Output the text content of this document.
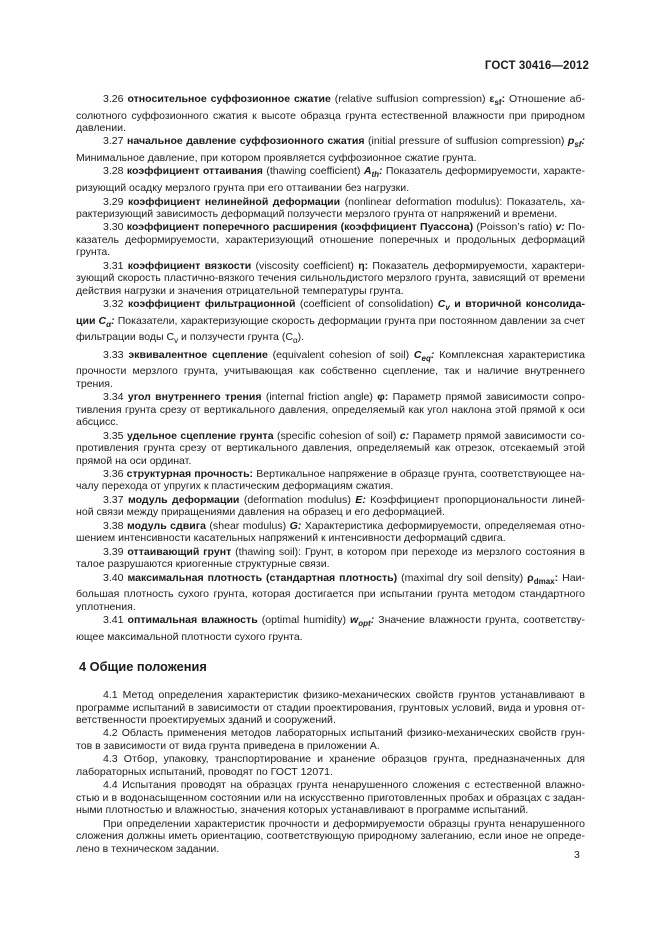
ГОСТ 30416—2012

3.26 относительное суффозионное сжатие (relative suffusion compression) $\varepsilon_{sf}$: Отношение абсолютного суффозионного сжатия к высоте образца грунта естественной влажности при природном давлении.

3.27 начальное давление суффозионного сжатия (initial pressure of suffusion compression) $p_{sf}$: Минимальное давление, при котором проявляется суффозионное сжатие грунта.

3.28 коэффициент оттаивания (thawing coefficient) $A_{th}$: Показатель деформируемости, характеризующий осадку мерзлого грунта при его оттаивании без нагрузки.

3.29 коэффициент нелинейной деформации (nonlinear deformation modulus): Показатель, характеризующий зависимость деформаций ползучести мерзлого грунта от напряжений и времени.

3.30 коэффициент поперечного расширения (коэффициент Пуассона) (Poisson’s ratio) v: Показатель деформируемости, характеризующий отношение поперечных и продольных деформаций грунта.

3.31 коэффициент вязкости (viscosity coefficient) η: Показатель деформируемости, характеризующий скорость пластично-вязкого течения сильнольдистого мерзлого грунта, зависящий от времени действия нагрузки и значения отрицательной температуры грунта.

3.32 коэффициент фильтрационной (coefficient of consolidation) $C_v$ и вторичной консолидации $C_\alpha$: Показатели, характеризующие скорость деформации грунта при постоянном давлении за счет фильтрации воды $C_v$ и ползучести грунта $(C_\alpha)$.

3.33 эквивалентное сцепление (equivalent cohesion of soil) $C_{eq}$: Комплексная характеристика прочности мерзлого грунта, учитывающая как собственно сцепление, так и наличие внутреннего трения.

3.34 угол внутреннего трения (internal friction angle) φ: Параметр прямой зависимости сопротивления грунта срезу от вертикального давления, определяемый как угол наклона этой прямой к оси абсцисс.

3.35 удельное сцепление грунта (specific cohesion of soil) c: Параметр прямой зависимости сопротивления грунта срезу от вертикального давления, определяемый как отрезок, отсекаемый этой прямой на оси ординат.

3.36 структурная прочность: Вертикальное напряжение в образце грунта, соответствующее началу перехода от упругих к пластическим деформациям сжатия.

3.37 модуль деформации (deformation modulus) E: Коэффициент пропорциональности линейной связи между приращениями давления на образец и его деформацией.

3.38 модуль сдвига (shear modulus) G: Характеристика деформируемости, определяемая отношением интенсивности касательных напряжений к интенсивности деформаций сдвига.

3.39 оттаивающий грунт (thawing soil): Грунт, в котором при переходе из мерзлого состояния в талое разрушаются криогенные структурные связи.

3.40 максимальная плотность (стандартная плотность) (maximal dry soil density) $\rho_{dmax}$: Наибольшая плотность сухого грунта, которая достигается при испытании грунта методом стандартного уплотнения.

3.41 оптимальная влажность (optimal humidity) $w_{opt}$: Значение влажности грунта, соответствующее максимальной плотности сухого грунта.

4 Общие положения

4.1 Метод определения характеристик физико-механических свойств грунтов устанавливают в программе испытаний в зависимости от стадии проектирования, грунтовых условий, вида и уровня ответственности проектируемых зданий и сооружений.

4.2 Область применения методов лабораторных испытаний физико-механических свойств грунтов в зависимости от вида грунта приведена в приложении А.

4.3 Отбор, упаковку, транспортирование и хранение образцов грунта, предназначенных для лабораторных испытаний, проводят по ГОСТ 12071.

4.4 Испытания проводят на образцах грунта ненарушенного сложения с естественной влажностью и в водонасыщенном состоянии или на искусственно приготовленных пробах и образцах с заданными плотностью и влажностью, значения которых устанавливают в программе испытаний.

При определении характеристик прочности и деформируемости образцы грунта ненарушенного сложения должны иметь ориентацию, соответствующую природному залеганию, если иное не определено в техническом задании.

3
